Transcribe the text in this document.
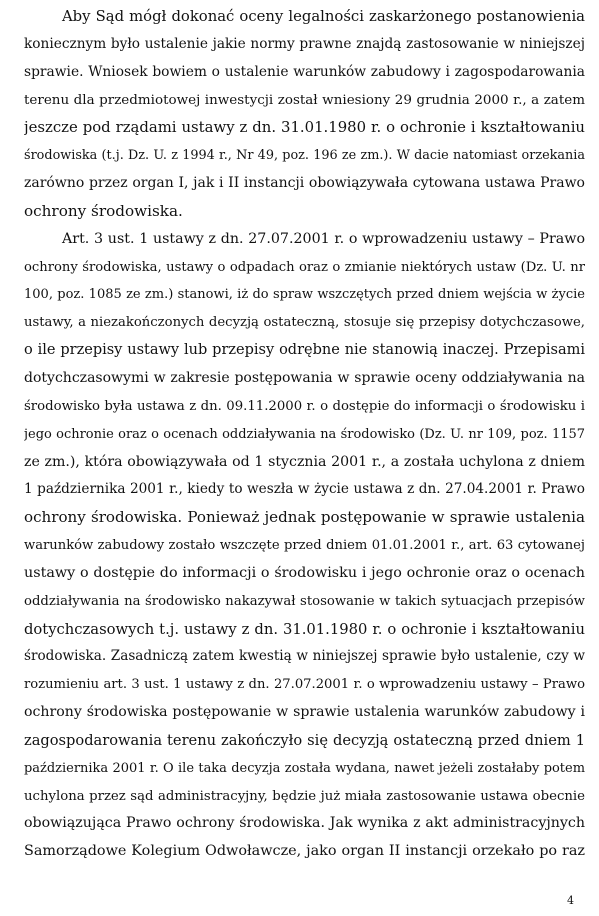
Aby Sąd mógł dokonać oceny legalności zaskarżonego postanowienia
koniecznym było ustalenie jakie normy prawne znajdą zastosowanie w niniejszej
sprawie. Wniosek bowiem o ustalenie warunków zabudowy i zagospodarowania
terenu dla przedmiotowej inwestycji został wniesiony 29 grudnia 2000 r., a zatem
jeszcze pod rządami ustawy z dn. 31.01.1980 r. o ochronie i kształtowaniu
środowiska (t.j. Dz. U. z 1994 r., Nr 49, poz. 196 ze zm.). W dacie natomiast orzekania
zarówno przez organ I, jak i II instancji obowiązywała cytowana ustawa Prawo
ochrony środowiska.
Art. 3 ust. 1 ustawy z dn. 27.07.2001 r. o wprowadzeniu ustawy – Prawo
ochrony środowiska, ustawy o odpadach oraz o zmianie niektórych ustaw (Dz. U. nr
100, poz. 1085 ze zm.) stanowi, iż do spraw wszczętych przed dniem wejścia w życie
ustawy, a niezakończonych decyzją ostateczną, stosuje się przepisy dotychczasowe,
o ile przepisy ustawy lub przepisy odrębne nie stanowią inaczej. Przepisami
dotychczasowymi w zakresie postępowania w sprawie oceny oddziaływania na
środowisko była ustawa z dn. 09.11.2000 r. o dostępie do informacji o środowisku i
jego ochronie oraz o ocenach oddziaływania na środowisko (Dz. U. nr 109, poz. 1157
ze zm.), która obowiązywała od 1 stycznia 2001 r., a została uchylona z dniem
1 października 2001 r., kiedy to weszła w życie ustawa z dn. 27.04.2001 r. Prawo
ochrony środowiska. Ponieważ jednak postępowanie w sprawie ustalenia
warunków zabudowy zostało wszczęte przed dniem 01.01.2001 r., art. 63 cytowanej
ustawy o dostępie do informacji o środowisku i jego ochronie oraz o ocenach
oddziaływania na środowisko nakazywał stosowanie w takich sytuacjach przepisów
dotychczasowych t.j. ustawy z dn. 31.01.1980 r. o ochronie i kształtowaniu
środowiska. Zasadniczą zatem kwestią w niniejszej sprawie było ustalenie, czy w
rozumieniu art. 3 ust. 1 ustawy z dn. 27.07.2001 r. o wprowadzeniu ustawy – Prawo
ochrony środowiska postępowanie w sprawie ustalenia warunków zabudowy i
zagospodarowania terenu zakończyło się decyzją ostateczną przed dniem 1
października 2001 r. O ile taka decyzja została wydana, nawet jeżeli zostałaby potem
uchylona przez sąd administracyjny, będzie już miała zastosowanie ustawa obecnie
obowiązująca Prawo ochrony środowiska. Jak wynika z akt administracyjnych
Samorządowe Kolegium Odwoławcze, jako organ II instancji orzekało po raz
4
